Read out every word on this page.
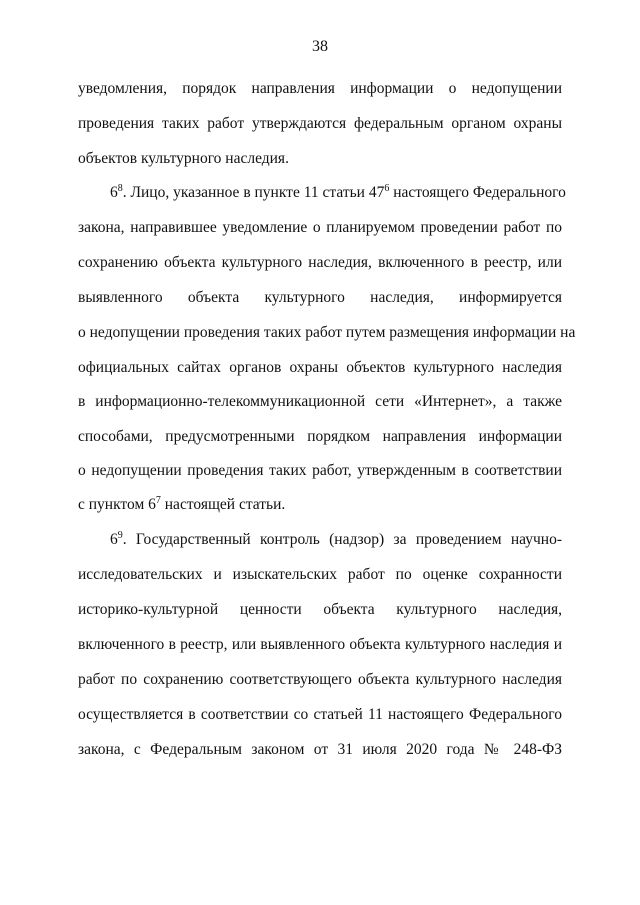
38
уведомления, порядок направления информации о недопущении
проведения таких работ утверждаются федеральным органом охраны
объектов культурного наследия.
$6^8$. Лицо, указанное в пункте 11 статьи $47^6$ настоящего Федерального
закона, направившее уведомление о планируемом проведении работ по
сохранению объекта культурного наследия, включенного в реестр, или
выявленного объекта культурного наследия, информируется
о недопущении проведения таких работ путем размещения информации на
официальных сайтах органов охраны объектов культурного наследия
в информационно-телекоммуникационной сети «Интернет», а также
способами, предусмотренными порядком направления информации
о недопущении проведения таких работ, утвержденным в соответствии
с пунктом $6^7$ настоящей статьи.
$6^9$. Государственный контроль (надзор) за проведением научно-
исследовательских и изыскательских работ по оценке сохранности
историко-культурной ценности объекта культурного наследия,
включенного в реестр, или выявленного объекта культурного наследия и
работ по сохранению соответствующего объекта культурного наследия
осуществляется в соответствии со статьей 11 настоящего Федерального
закона, с Федеральным законом от 31 июля 2020 года № 248-ФЗ
